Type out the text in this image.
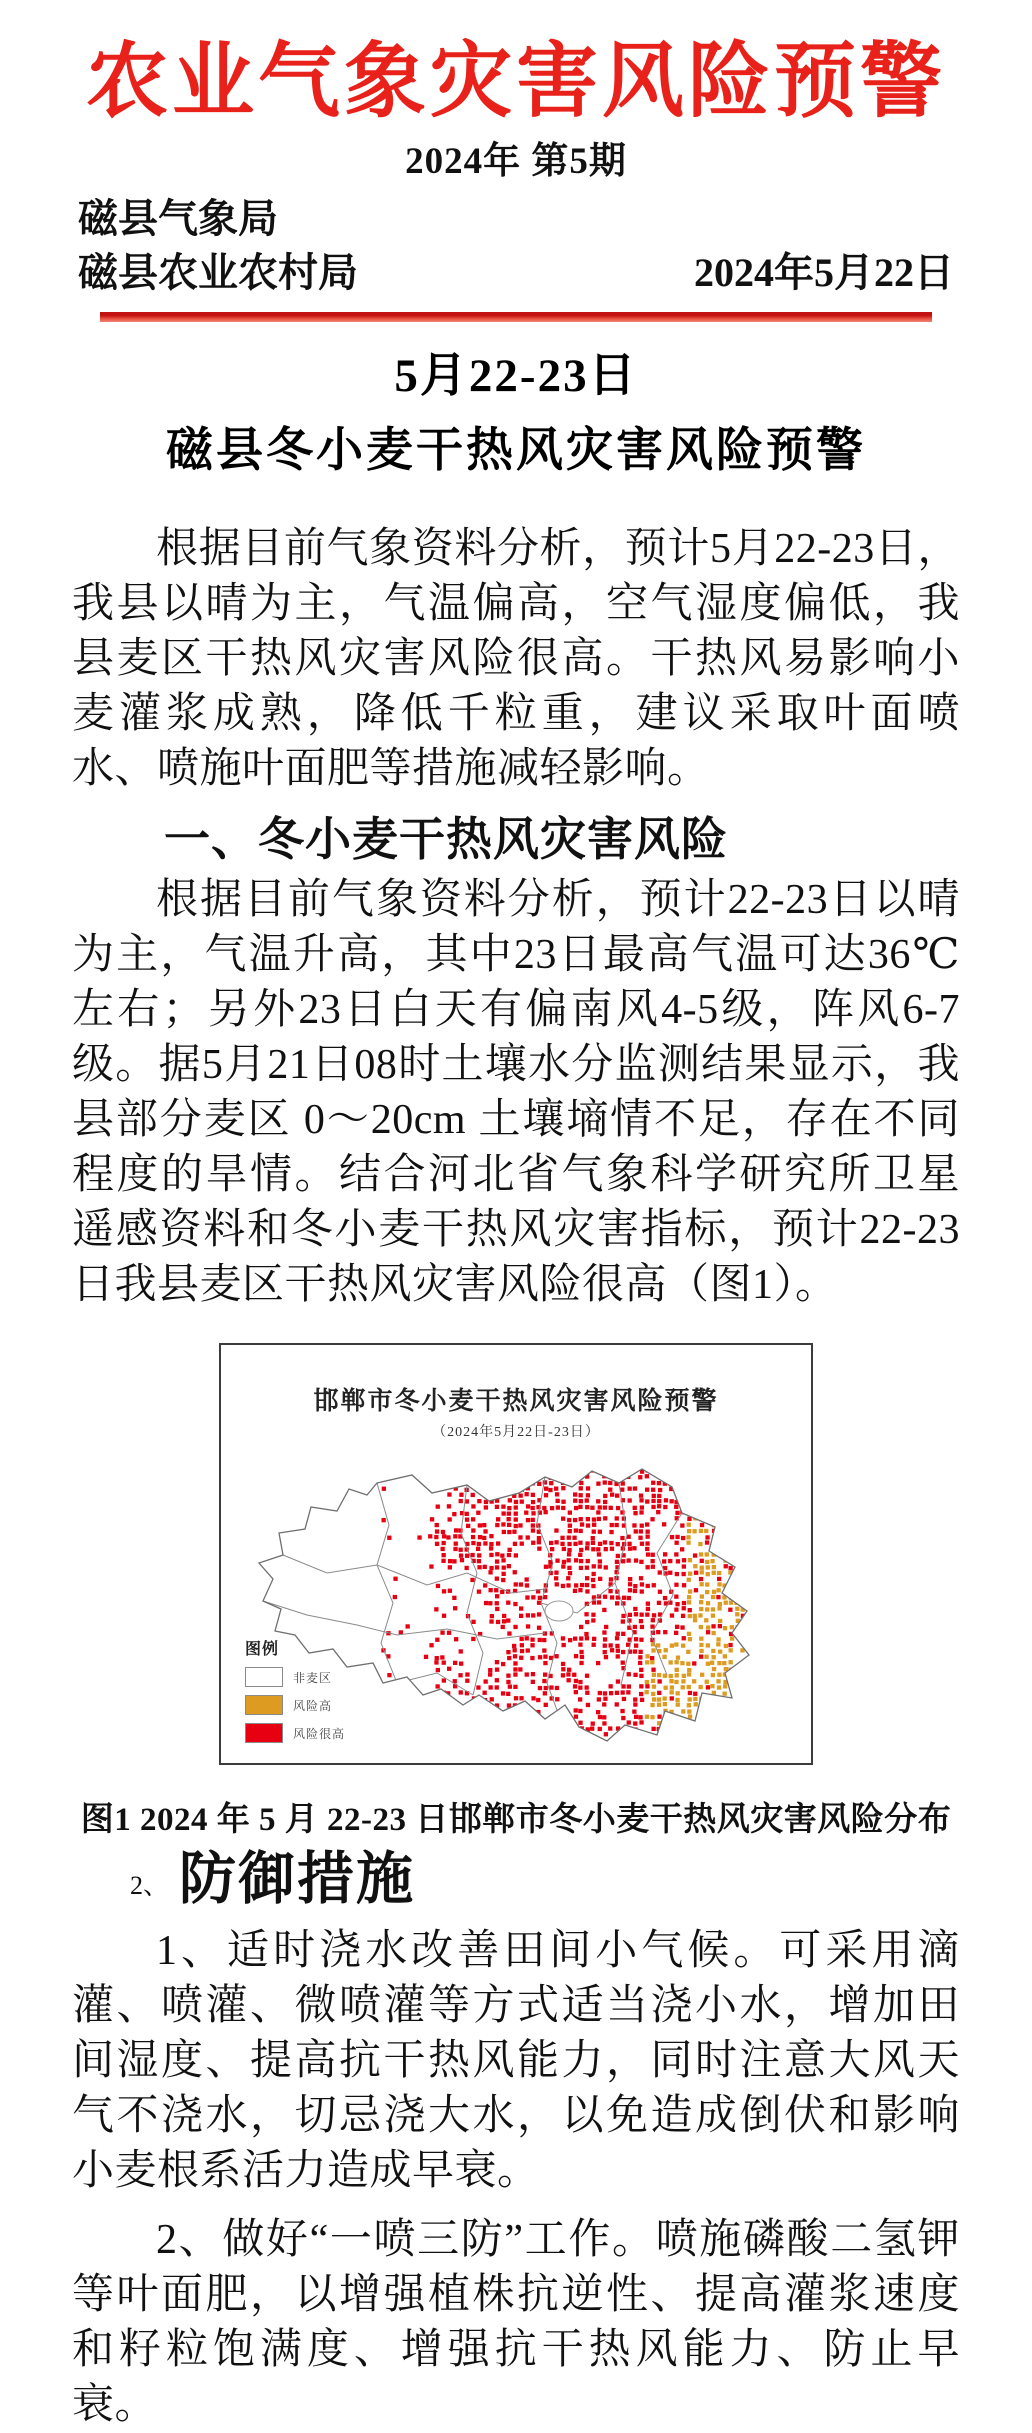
农业气象灾害风险预警
2024年 第5期
磁县气象局
磁县农业农村局	2024年5月22日
5月22-23日
磁县冬小麦干热风灾害风险预警

根据目前气象资料分析，预计5月22-23日，我县以晴为主，气温偏高，空气湿度偏低，我县麦区干热风灾害风险很高。干热风易影响小麦灌浆成熟，降低千粒重，建议采取叶面喷水、喷施叶面肥等措施减轻影响。

一、冬小麦干热风灾害风险

根据目前气象资料分析，预计22-23日以晴为主，气温升高，其中23日最高气温可达36℃左右；另外23日白天有偏南风4-5级，阵风6-7级。据5月21日08时土壤水分监测结果显示，我县部分麦区 0～20cm 土壤墒情不足，存在不同程度的旱情。结合河北省气象科学研究所卫星遥感资料和冬小麦干热风灾害指标，预计22-23日我县麦区干热风灾害风险很高（图1）。

邯郸市冬小麦干热风灾害风险预警
（2024年5月22日-23日）
图例
非麦区
风险高
风险很高
图1 2024 年 5 月 22-23 日邯郸市冬小麦干热风灾害风险分布
2、 防御措施

1、适时浇水改善田间小气候。可采用滴灌、喷灌、微喷灌等方式适当浇小水，增加田间湿度、提高抗干热风能力，同时注意大风天气不浇水，切忌浇大水，以免造成倒伏和影响小麦根系活力造成早衰。

2、做好“一喷三防”工作。喷施磷酸二氢钾等叶面肥，以增强植株抗逆性、提高灌浆速度和籽粒饱满度、增强抗干热风能力、防止早衰。
